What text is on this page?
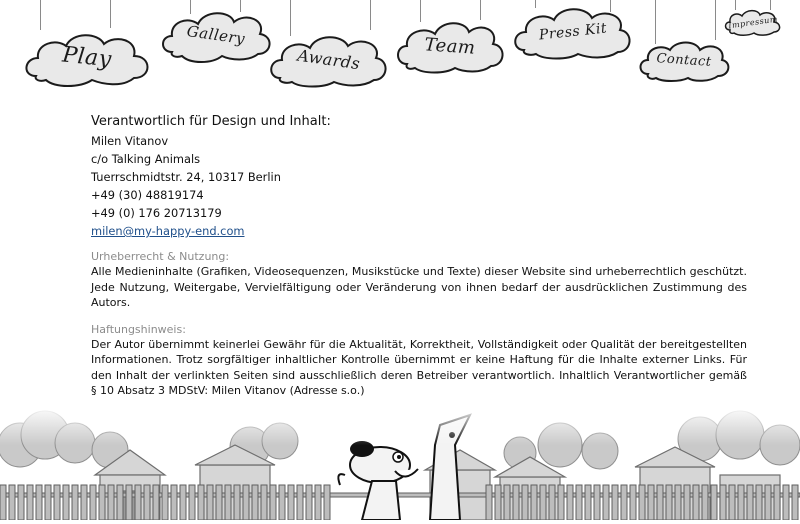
Play
Gallery
Awards	Team
Press Kit
Contact
Impressum
Verantwortlich für Design und Inhalt:
Milen Vitanov
c/o Talking Animals
Tuerrschmidtstr. 24, 10317 Berlin
+49 (30) 48819174
+49 (0) 176 20713179
milen@my-happy-end.com
Urheberrecht & Nutzung:
Alle Medieninhalte (Grafiken, Videosequenzen, Musikstücke und Texte) dieser Website sind urheberrechtlich geschützt. Jede Nutzung, Weitergabe, Vervielfältigung oder Veränderung von ihnen bedarf der ausdrücklichen Zustimmung des Autors.
Haftungshinweis:
Der Autor übernimmt keinerlei Gewähr für die Aktualität, Korrektheit, Vollständigkeit oder Qualität der bereitgestellten Informationen. Trotz sorgfältiger inhaltlicher Kontrolle übernimmt er keine Haftung für die Inhalte externer Links. Für den Inhalt der verlinkten Seiten sind ausschließlich deren Betreiber verantwortlich. Inhaltlich Verantwortlicher gemäß § 10 Absatz 3 MDStV: Milen Vitanov (Adresse s.o.)
